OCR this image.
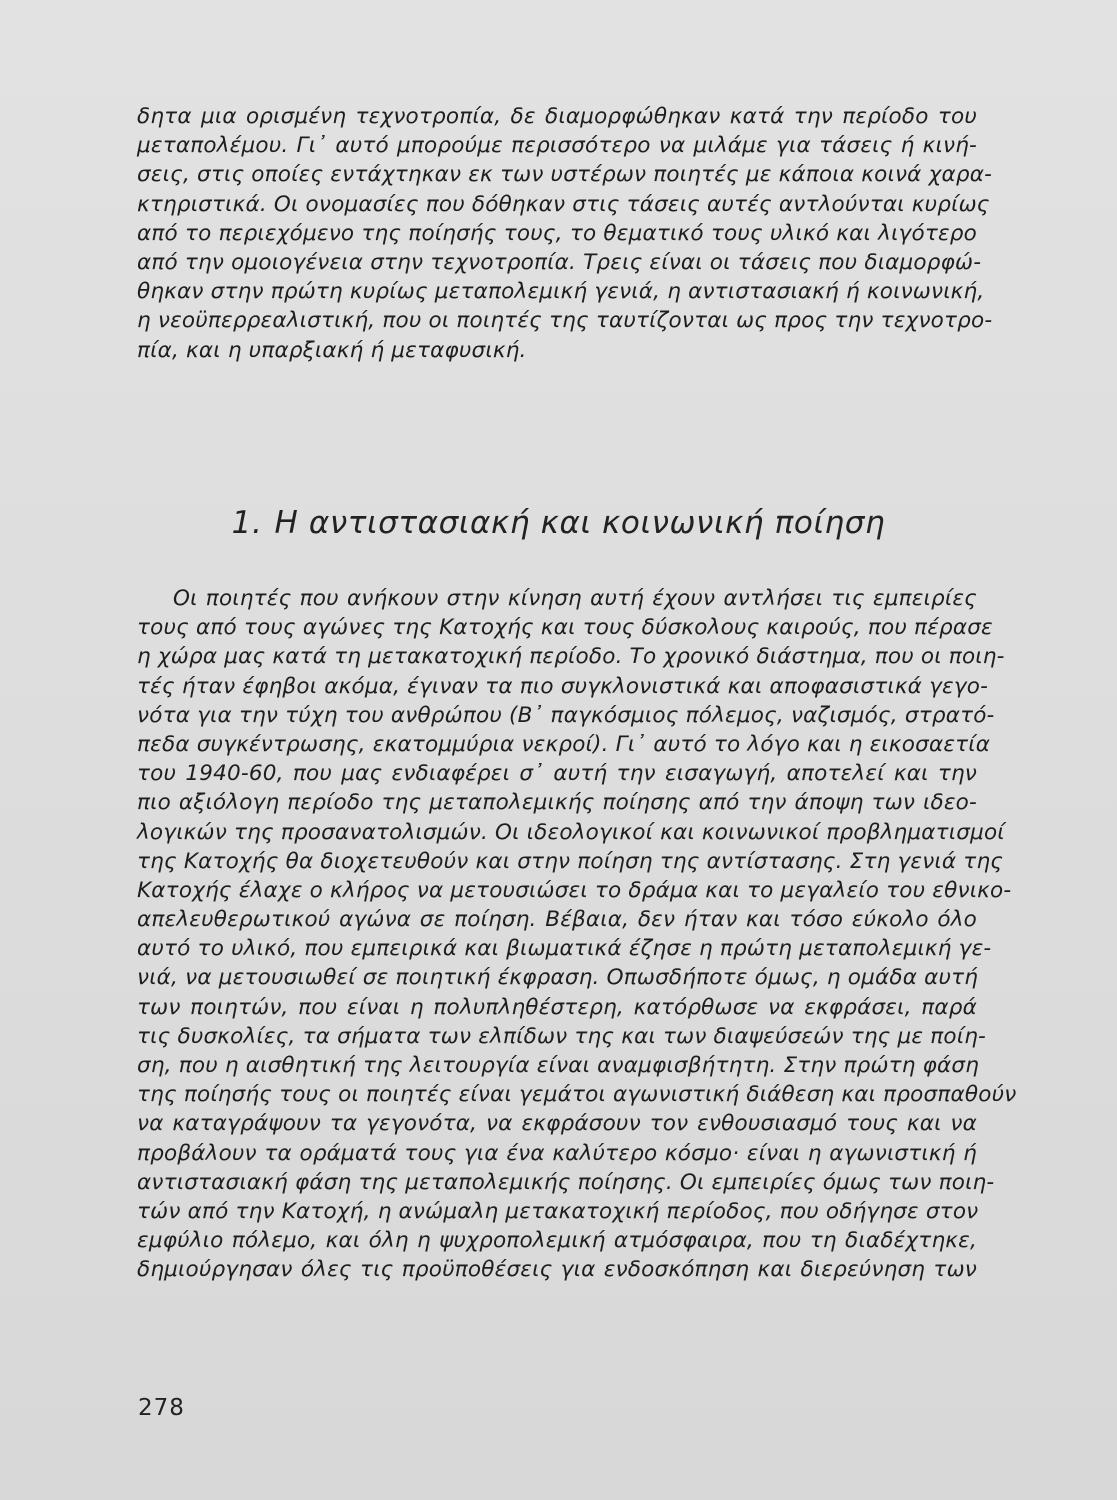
δητα μια ορισμένη τεχνοτροπία, δε διαμορφώθηκαν κατά την περίοδο του
μεταπολέμου. Γι᾽ αυτό μπορούμε περισσότερο να μιλάμε για τάσεις ή κινή-
σεις, στις οποίες εντάχτηκαν εκ των υστέρων ποιητές με κάποια κοινά χαρα-
κτηριστικά. Οι ονομασίες που δόθηκαν στις τάσεις αυτές αντλούνται κυρίως
από το περιεχόμενο της ποίησής τους, το θεματικό τους υλικό και λιγότερο
από την ομοιογένεια στην τεχνοτροπία. Τρεις είναι οι τάσεις που διαμορφώ-
θηκαν στην πρώτη κυρίως μεταπολεμική γενιά, η αντιστασιακή ή κοινωνική,
η νεοϋπερρεαλιστική, που οι ποιητές της ταυτίζονται ως προς την τεχνοτρο-
πία, και η υπαρξιακή ή μεταφυσική.
1. Η αντιστασιακή και κοινωνική ποίηση
Οι ποιητές που ανήκουν στην κίνηση αυτή έχουν αντλήσει τις εμπειρίες
τους από τους αγώνες της Κατοχής και τους δύσκολους καιρούς, που πέρασε
η χώρα μας κατά τη μετακατοχική περίοδο. Το χρονικό διάστημα, που οι ποιη-
τές ήταν έφηβοι ακόμα, έγιναν τα πιο συγκλονιστικά και αποφασιστικά γεγο-
νότα για την τύχη του ανθρώπου (Β᾽ παγκόσμιος πόλεμος, ναζισμός, στρατό-
πεδα συγκέντρωσης, εκατομμύρια νεκροί). Γι᾽ αυτό το λόγο και η εικοσαετία
του 1940-60, που μας ενδιαφέρει σ᾽ αυτή την εισαγωγή, αποτελεί και την
πιο αξιόλογη περίοδο της μεταπολεμικής ποίησης από την άποψη των ιδεο-
λογικών της προσανατολισμών. Οι ιδεολογικοί και κοινωνικοί προβληματισμοί
της Κατοχής θα διοχετευθούν και στην ποίηση της αντίστασης. Στη γενιά της
Κατοχής έλαχε ο κλήρος να μετουσιώσει το δράμα και το μεγαλείο του εθνικο-
απελευθερωτικού αγώνα σε ποίηση. Βέβαια, δεν ήταν και τόσο εύκολο όλο
αυτό το υλικό, που εμπειρικά και βιωματικά έζησε η πρώτη μεταπολεμική γε-
νιά, να μετουσιωθεί σε ποιητική έκφραση. Οπωσδήποτε όμως, η ομάδα αυτή
των ποιητών, που είναι η πολυπληθέστερη, κατόρθωσε να εκφράσει, παρά
τις δυσκολίες, τα σήματα των ελπίδων της και των διαψεύσεών της με ποίη-
ση, που η αισθητική της λειτουργία είναι αναμφισβήτητη. Στην πρώτη φάση
της ποίησής τους οι ποιητές είναι γεμάτοι αγωνιστική διάθεση και προσπαθούν
να καταγράψουν τα γεγονότα, να εκφράσουν τον ενθουσιασμό τους και να
προβάλουν τα οράματά τους για ένα καλύτερο κόσμο· είναι η αγωνιστική ή
αντιστασιακή φάση της μεταπολεμικής ποίησης. Οι εμπειρίες όμως των ποιη-
τών από την Κατοχή, η ανώμαλη μετακατοχική περίοδος, που οδήγησε στον
εμφύλιο πόλεμο, και όλη η ψυχροπολεμική ατμόσφαιρα, που τη διαδέχτηκε,
δημιούργησαν όλες τις προϋποθέσεις για ενδοσκόπηση και διερεύνηση των
278
